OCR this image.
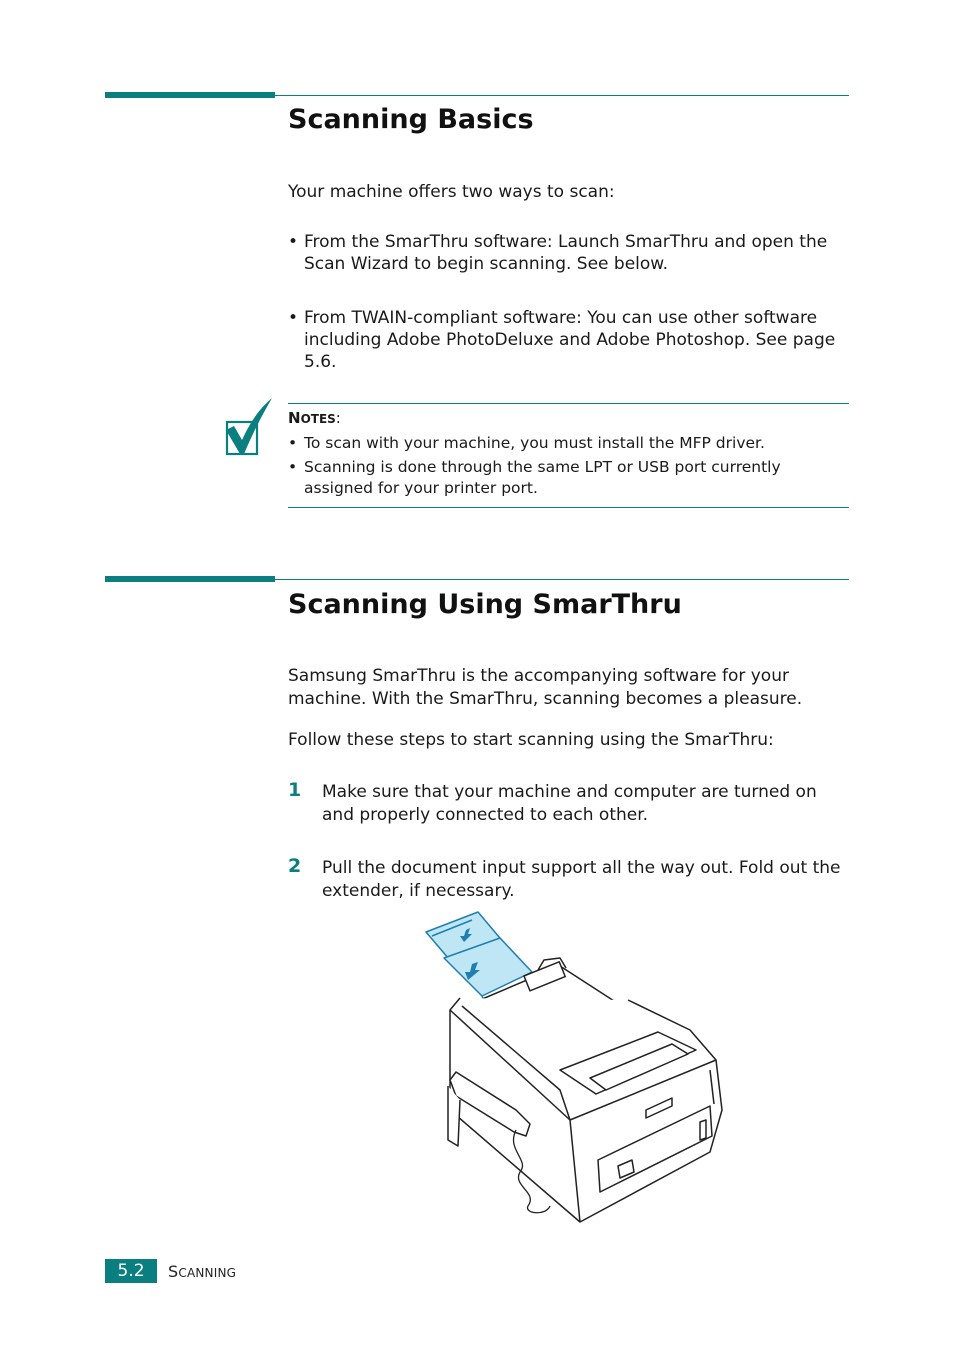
Scanning Basics

Your machine offers two ways to scan:

• From the SmarThru software: Launch SmarThru and open the Scan Wizard to begin scanning. See below.
• From TWAIN-compliant software: You can use other software including Adobe PhotoDeluxe and Adobe Photoshop. See page 5.6.
NOTES:
• To scan with your machine, you must install the MFP driver.
• Scanning is done through the same LPT or USB port currently assigned for your printer port.
Scanning Using SmarThru

Samsung SmarThru is the accompanying software for your machine. With the SmarThru, scanning becomes a pleasure.

Follow these steps to start scanning using the SmarThru:

1 Make sure that your machine and computer are turned on and properly connected to each other.
2 Pull the document input support all the way out. Fold out the extender, if necessary.
5.2	SCANNING
